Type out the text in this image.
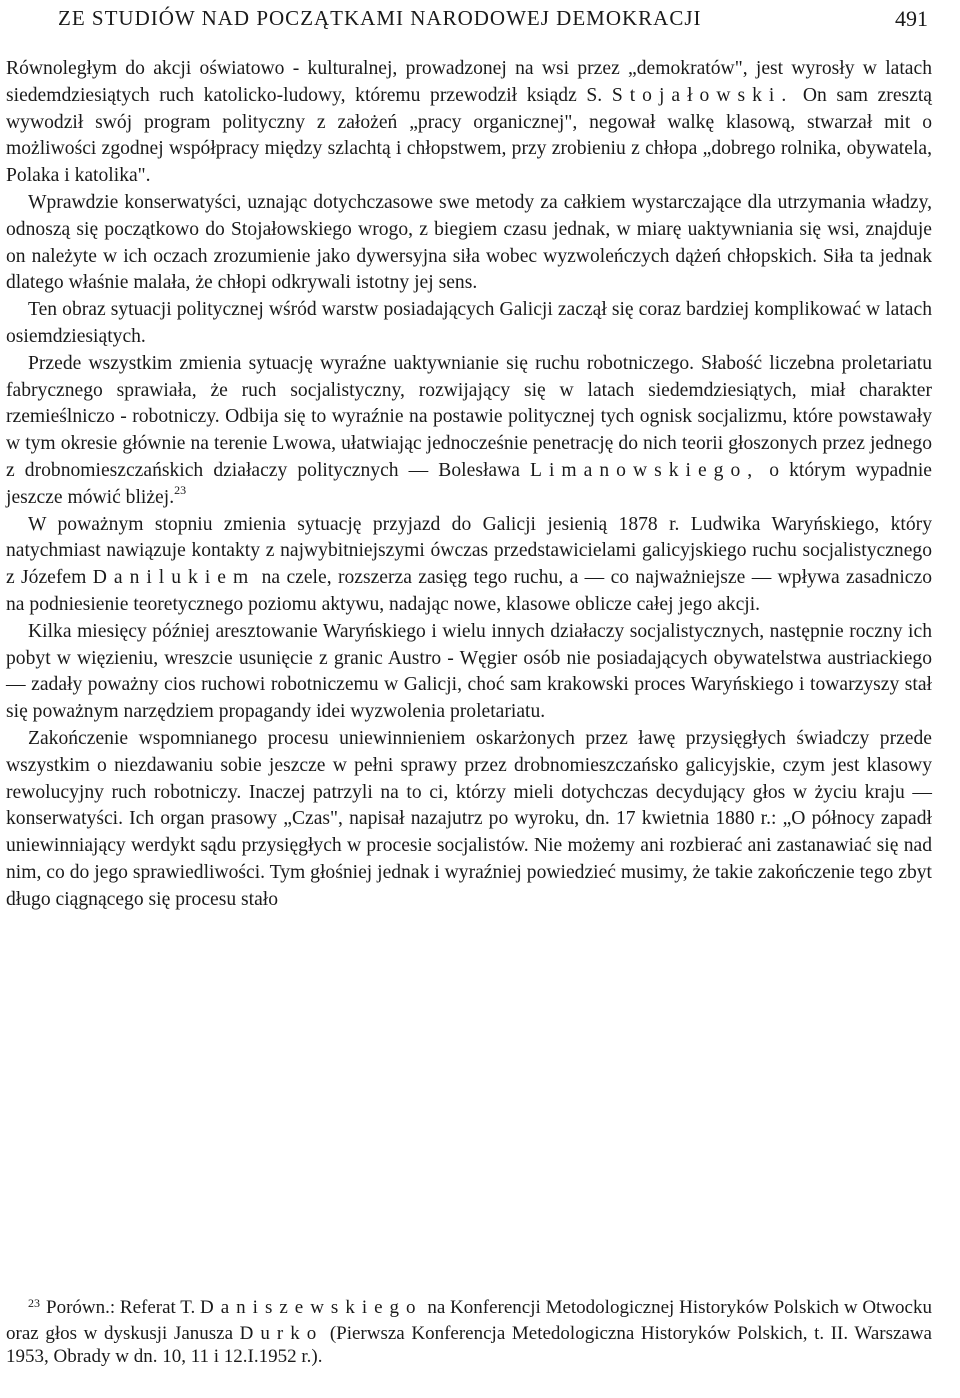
ZE STUDIÓW NAD POCZĄTKAMI NARODOWEJ DEMOKRACJI	491

Równoległym do akcji oświatowo - kulturalnej, prowadzonej na wsi przez „demokratów", jest wyrosły w latach siedemdziesiątych ruch katolicko-ludowy, któremu przewodził ksiądz S. Stojałowski. On sam zresztą wywodził swój program polityczny z założeń „pracy organicznej", negował walkę klasową, stwarzał mit o możliwości zgodnej współpracy między szlachtą i chłopstwem, przy zrobieniu z chłopa „dobrego rolnika, obywatela, Polaka i katolika".

Wprawdzie konserwatyści, uznając dotychczasowe swe metody za całkiem wystarczające dla utrzymania władzy, odnoszą się początkowo do Stojałowskiego wrogo, z biegiem czasu jednak, w miarę uaktywniania się wsi, znajduje on należyte w ich oczach zrozumienie jako dywersyjna siła wobec wyzwoleńczych dążeń chłopskich. Siła ta jednak dlatego właśnie malała, że chłopi odkrywali istotny jej sens.

Ten obraz sytuacji politycznej wśród warstw posiadających Galicji zaczął się coraz bardziej komplikować w latach osiemdziesiątych.

Przede wszystkim zmienia sytuację wyraźne uaktywnianie się ruchu robotniczego. Słabość liczebna proletariatu fabrycznego sprawiała, że ruch socjalistyczny, rozwijający się w latach siedemdziesiątych, miał charakter rzemieślniczo - robotniczy. Odbija się to wyraźnie na postawie politycznej tych ognisk socjalizmu, które powstawały w tym okresie głównie na terenie Lwowa, ułatwiając jednocześnie penetrację do nich teorii głoszonych przez jednego z drobnomieszczańskich działaczy politycznych — Bolesława Limanowskiego, o którym wypadnie jeszcze mówić bliżej.$^{23}$

W poważnym stopniu zmienia sytuację przyjazd do Galicji jesienią 1878 r. Ludwika Waryńskiego, który natychmiast nawiązuje kontakty z najwybitniejszymi ówczas przedstawicielami galicyjskiego ruchu socjalistycznego z Józefem Danilukiem na czele, rozszerza zasięg tego ruchu, a — co najważniejsze — wpływa zasadniczo na podniesienie teoretycznego poziomu aktywu, nadając nowe, klasowe oblicze całej jego akcji.

Kilka miesięcy później aresztowanie Waryńskiego i wielu innych działaczy socjalistycznych, następnie roczny ich pobyt w więzieniu, wreszcie usunięcie z granic Austro - Węgier osób nie posiadających obywatelstwa austriackiego — zadały poważny cios ruchowi robotniczemu w Galicji, choć sam krakowski proces Waryńskiego i towarzyszy stał się poważnym narzędziem propagandy idei wyzwolenia proletariatu.

Zakończenie wspomnianego procesu uniewinnieniem oskarżonych przez ławę przysięgłych świadczy przede wszystkim o niezdawaniu sobie jeszcze w pełni sprawy przez drobnomieszczańsko galicyjskie, czym jest klasowy rewolucyjny ruch robotniczy. Inaczej patrzyli na to ci, którzy mieli dotychczas decydujący głos w życiu kraju — konserwatyści. Ich organ prasowy „Czas", napisał nazajutrz po wyroku, dn. 17 kwietnia 1880 r.: „O północy zapadł uniewinniający werdykt sądu przysięgłych w procesie socjalistów. Nie możemy ani rozbierać ani zastanawiać się nad nim, co do jego sprawiedliwości. Tym głośniej jednak i wyraźniej powiedzieć musimy, że takie zakończenie tego zbyt długo ciągnącego się procesu stało

$^{23}$ Porówn.: Referat T. Daniszewskiego na Konferencji Metodologicznej Historyków Polskich w Otwocku oraz głos w dyskusji Janusza Durko (Pierwsza Konferencja Metedologiczna Historyków Polskich, t. II. Warszawa 1953, Obrady w dn. 10, 11 i 12.I.1952 r.).
